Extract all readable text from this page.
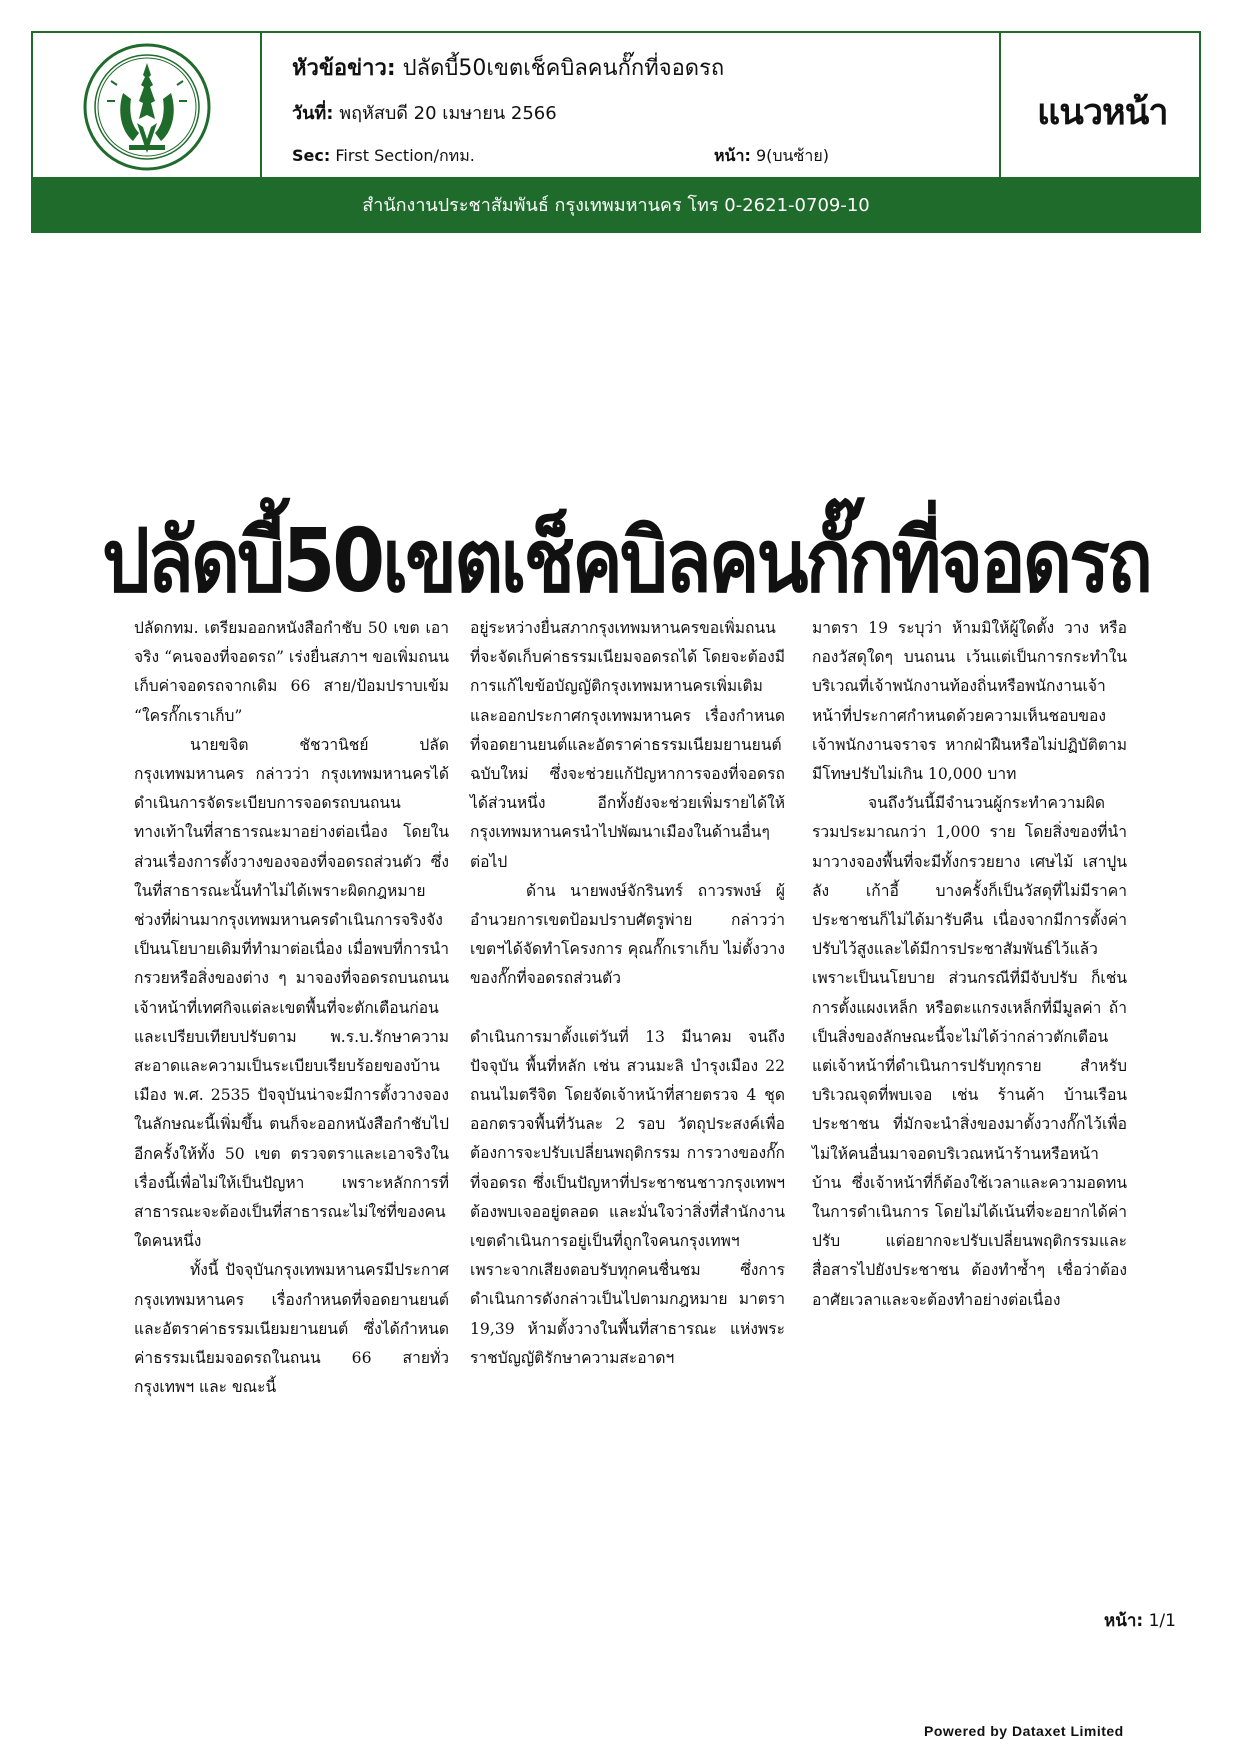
หัวข้อข่าว: ปลัดบี้50เขตเช็คบิลคนกั๊กที่จอดรถ
วันที่: พฤหัสบดี 20 เมษายน 2566
Sec: First Section/กทม.	หน้า: 9(บนซ้าย)
แนวหน้า
สำนักงานประชาสัมพันธ์ กรุงเทพมหานคร โทร 0-2621-0709-10
ปลัดบี้50เขตเช็คบิลคนกั๊กที่จอดรถ

ปลัดกทม. เตรียมออกหนังสือกำชับ 50 เขต เอาจริง “คนจองที่จอดรถ” เร่งยื่นสภาฯ ขอเพิ่มถนนเก็บค่าจอดรถจากเดิม 66 สาย/ป้อมปราบเข้ม “ใครกั๊กเราเก็บ”

นายขจิต ชัชวานิชย์ ปลัดกรุงเทพมหานคร กล่าวว่า กรุงเทพมหานครได้ดำเนินการจัดระเบียบการจอดรถบนถนนทางเท้าในที่สาธารณะมาอย่างต่อเนื่อง โดยในส่วนเรื่องการตั้งวางของจองที่จอดรถส่วนตัว ซึ่งในที่สาธารณะนั้นทำไม่ได้เพราะผิดกฎหมาย ช่วงที่ผ่านมากรุงเทพมหานครดำเนินการจริงจังเป็นนโยบายเดิมที่ทำมาต่อเนื่อง เมื่อพบที่การนำกรวยหรือสิ่งของต่าง ๆ มาจองที่จอดรถบนถนน เจ้าหน้าที่เทศกิจแต่ละเขตพื้นที่จะตักเตือนก่อน และเปรียบเทียบปรับตาม พ.ร.บ.รักษาความสะอาดและความเป็นระเบียบเรียบร้อยของบ้านเมือง พ.ศ. 2535 ปัจจุบันน่าจะมีการตั้งวางจองในลักษณะนี้เพิ่มขึ้น ตนก็จะออกหนังสือกำชับไปอีกครั้งให้ทั้ง 50 เขต ตรวจตราและเอาจริงในเรื่องนี้เพื่อไม่ให้เป็นปัญหา เพราะหลักการที่สาธารณะจะต้องเป็นที่สาธารณะไม่ใช่ที่ของคนใดคนหนึ่ง

ทั้งนี้ ปัจจุบันกรุงเทพมหานครมีประกาศกรุงเทพมหานคร เรื่องกำหนดที่จอดยานยนต์และอัตราค่าธรรมเนียมยานยนต์ ซึ่งได้กำหนดค่าธรรมเนียมจอดรถในถนน 66 สายทั่วกรุงเทพฯ และ ขณะนี้

อยู่ระหว่างยื่นสภากรุงเทพมหานครขอเพิ่มถนนที่จะจัดเก็บค่าธรรมเนียมจอดรถได้ โดยจะต้องมีการแก้ไขข้อบัญญัติกรุงเทพมหานครเพิ่มเติม และออกประกาศกรุงเทพมหานคร เรื่องกำหนดที่จอดยานยนต์และอัตราค่าธรรมเนียมยานยนต์ ฉบับใหม่ ซึ่งจะช่วยแก้ปัญหาการจองที่จอดรถได้ส่วนหนึ่ง อีกทั้งยังจะช่วยเพิ่มรายได้ให้กรุงเทพมหานครนำไปพัฒนาเมืองในด้านอื่นๆ ต่อไป

ด้าน นายพงษ์จักรินทร์ ถาวรพงษ์ ผู้อำนวยการเขตป้อมปราบศัตรูพ่าย กล่าวว่า เขตฯได้จัดทำโครงการ คุณกั๊กเราเก็บ ไม่ตั้งวางของกั๊กที่จอดรถส่วนตัว

ดำเนินการมาตั้งแต่วันที่ 13 มีนาคม จนถึงปัจจุบัน พื้นที่หลัก เช่น สวนมะลิ บำรุงเมือง 22 ถนนไมตรีจิต โดยจัดเจ้าหน้าที่สายตรวจ 4 ชุด ออกตรวจพื้นที่วันละ 2 รอบ วัตถุประสงค์เพื่อต้องการจะปรับเปลี่ยนพฤติกรรม การวางของกั๊กที่จอดรถ ซึ่งเป็นปัญหาที่ประชาชนชาวกรุงเทพฯ ต้องพบเจออยู่ตลอด และมั่นใจว่าสิ่งที่สำนักงานเขตดำเนินการอยู่เป็นที่ถูกใจคนกรุงเทพฯ เพราะจากเสียงตอบรับทุกคนชื่นชม ซึ่งการดำเนินการดังกล่าวเป็นไปตามกฎหมาย มาตรา 19,39 ห้ามตั้งวางในพื้นที่สาธารณะ แห่งพระราชบัญญัติรักษาความสะอาดฯ

มาตรา 19 ระบุว่า ห้ามมิให้ผู้ใดตั้ง วาง หรือกองวัสดุใดๆ บนถนน เว้นแต่เป็นการกระทำในบริเวณที่เจ้าพนักงานท้องถิ่นหรือพนักงานเจ้าหน้าที่ประกาศกำหนดด้วยความเห็นชอบของเจ้าพนักงานจราจร หากฝ่าฝืนหรือไม่ปฏิบัติตาม มีโทษปรับไม่เกิน 10,000 บาท

จนถึงวันนี้มีจำนวนผู้กระทำความผิดรวมประมาณกว่า 1,000 ราย โดยสิ่งของที่นำมาวางจองพื้นที่จะมีทั้งกรวยยาง เศษไม้ เสาปูน ลัง เก้าอี้ บางครั้งก็เป็นวัสดุที่ไม่มีราคา ประชาชนก็ไม่ได้มารับคืน เนื่องจากมีการตั้งค่าปรับไว้สูงและได้มีการประชาสัมพันธ์ไว้แล้ว เพราะเป็นนโยบาย ส่วนกรณีที่มีจับปรับ ก็เช่น การตั้งแผงเหล็ก หรือตะแกรงเหล็กที่มีมูลค่า ถ้าเป็นสิ่งของลักษณะนี้จะไม่ได้ว่ากล่าวตักเตือนแต่เจ้าหน้าที่ดำเนินการปรับทุกราย สำหรับบริเวณจุดที่พบเจอ เช่น ร้านค้า บ้านเรือนประชาชน ที่มักจะนำสิ่งของมาตั้งวางกั๊กไว้เพื่อไม่ให้คนอื่นมาจอดบริเวณหน้าร้านหรือหน้าบ้าน ซึ่งเจ้าหน้าที่ก็ต้องใช้เวลาและความอดทนในการดำเนินการ โดยไม่ได้เน้นที่จะอยากได้ค่าปรับ แต่อยากจะปรับเปลี่ยนพฤติกรรมและสื่อสารไปยังประชาชน ต้องทำซ้ำๆ เชื่อว่าต้องอาศัยเวลาและจะต้องทำอย่างต่อเนื่อง

หน้า: 1/1
Powered by Dataxet Limited
